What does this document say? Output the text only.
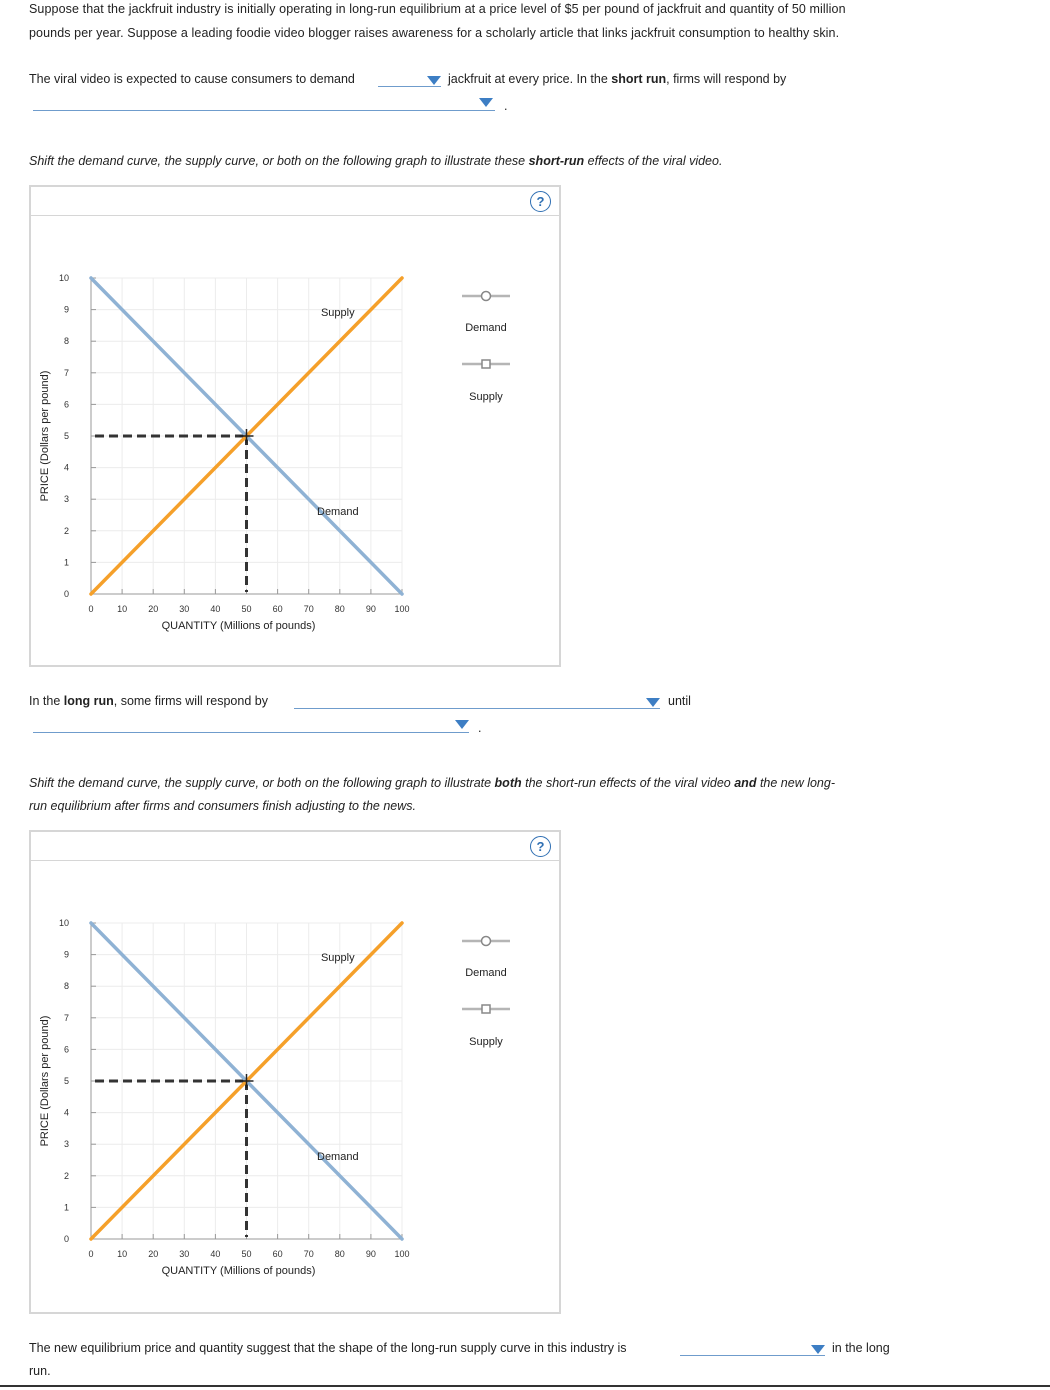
Suppose that the jackfruit industry is initially operating in long-run equilibrium at a price level of $5 per pound of jackfruit and quantity of 50 million
pounds per year. Suppose a leading foodie video blogger raises awareness for a scholarly article that links jackfruit consumption to healthy skin.
The viral video is expected to cause consumers to demand	jackfruit at every price. In the short run, firms will respond by
.
Shift the demand curve, the supply curve, or both on the following graph to illustrate these short-run effects of the viral video.
?
0
1
2
3
4
5
6
7
8
9
10
0	10 20 30 40 50 60 70 80 90 100
QUANTITY (Millions of pounds)
PRICE (Dollars per pound)
Supply
Demand
Demand
Supply
In the long run, some firms will respond by	until
.
Shift the demand curve, the supply curve, or both on the following graph to illustrate both the short-run effects of the viral video and the new long-
run equilibrium after firms and consumers finish adjusting to the news.
?
0
1
2
3
4
5
6
7
8
9
10
0	10 20 30 40 50 60 70 80 90 100
QUANTITY (Millions of pounds)
PRICE (Dollars per pound)
Supply
Demand
Demand
Supply
The new equilibrium price and quantity suggest that the shape of the long-run supply curve in this industry is	in the long
run.
